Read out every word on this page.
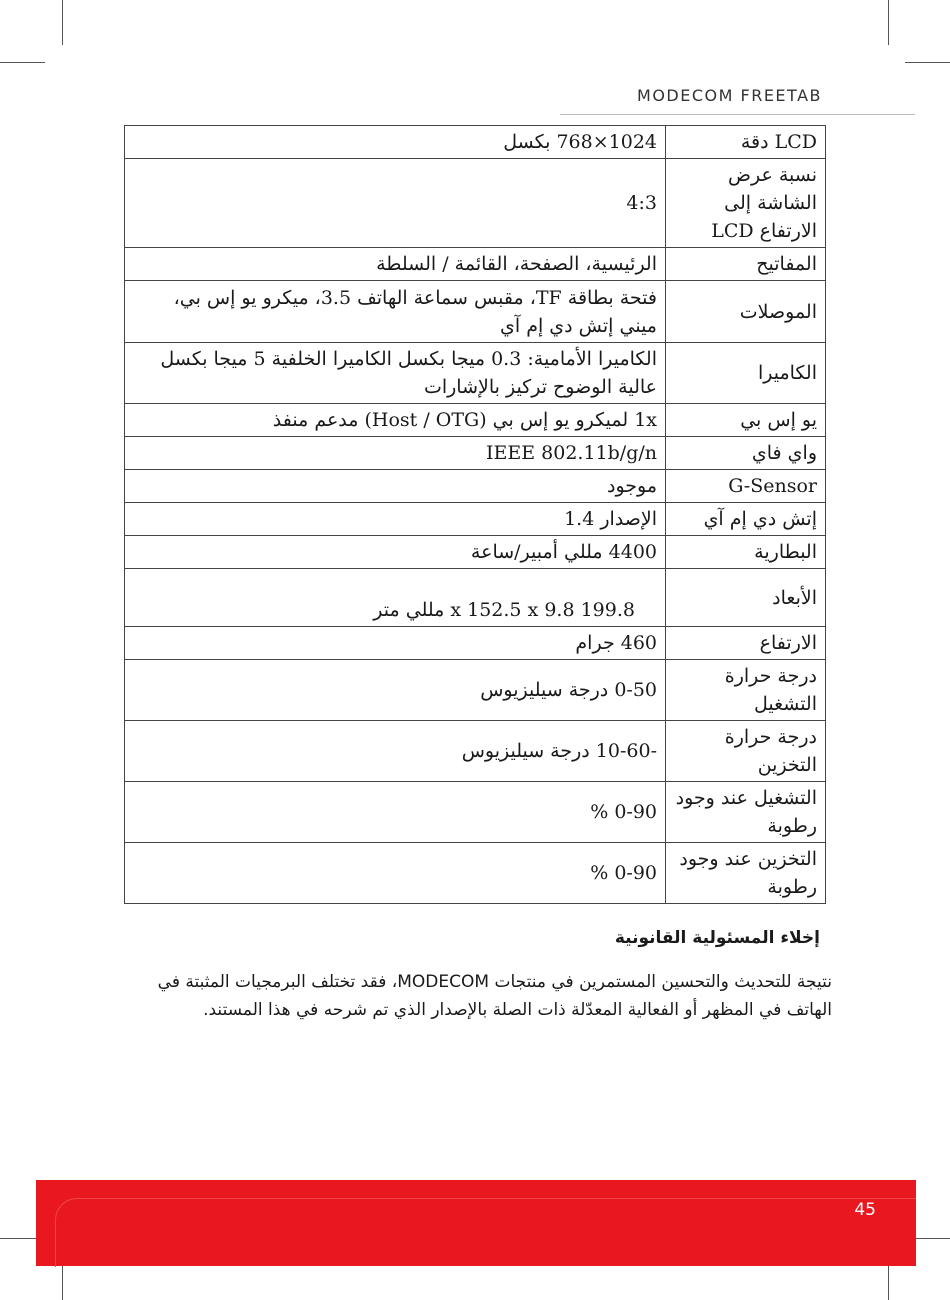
MODECOM FREETAB
LCD دقة	1024×768 بكسل
نسبة عرض الشاشة إلى الارتفاع LCD	4:3
المفاتيح	الرئيسية، الصفحة، القائمة / السلطة
الموصلات	فتحة بطاقة TF، مقبس سماعة الهاتف 3.5، ميكرو يو إس بي، ميني إتش دي إم آي
الكاميرا	الكاميرا الأمامية: 0.3 ميجا بكسل الكاميرا الخلفية 5 ميجا بكسل عالية الوضوح تركيز بالإشارات
يو إس بي	1x لميكرو يو إس بي (Host / OTG) مدعم منفذ
واي فاي	IEEE 802.11b/g/n
G-Sensor	موجود
إتش دي إم آي	الإصدار 1.4
البطارية	4400 مللي أمبير/ساعة
الأبعاد	199.8 x 152.5 x 9.8 مللي متر
الارتفاع	460 جرام
درجة حرارة التشغيل	0-50 درجة سيليزيوس
درجة حرارة التخزين	-10-60 درجة سيليزيوس
التشغيل عند وجود رطوبة	0-90 %
التخزين عند وجود رطوبة	0-90 %
إخلاء المسئولية القانونية
نتيجة للتحديث والتحسين المستمرين في منتجات MODECOM، فقد تختلف البرمجيات المثبتة في الهاتف في المظهر أو الفعالية المعدّلة ذات الصلة بالإصدار الذي تم شرحه في هذا المستند.
45
